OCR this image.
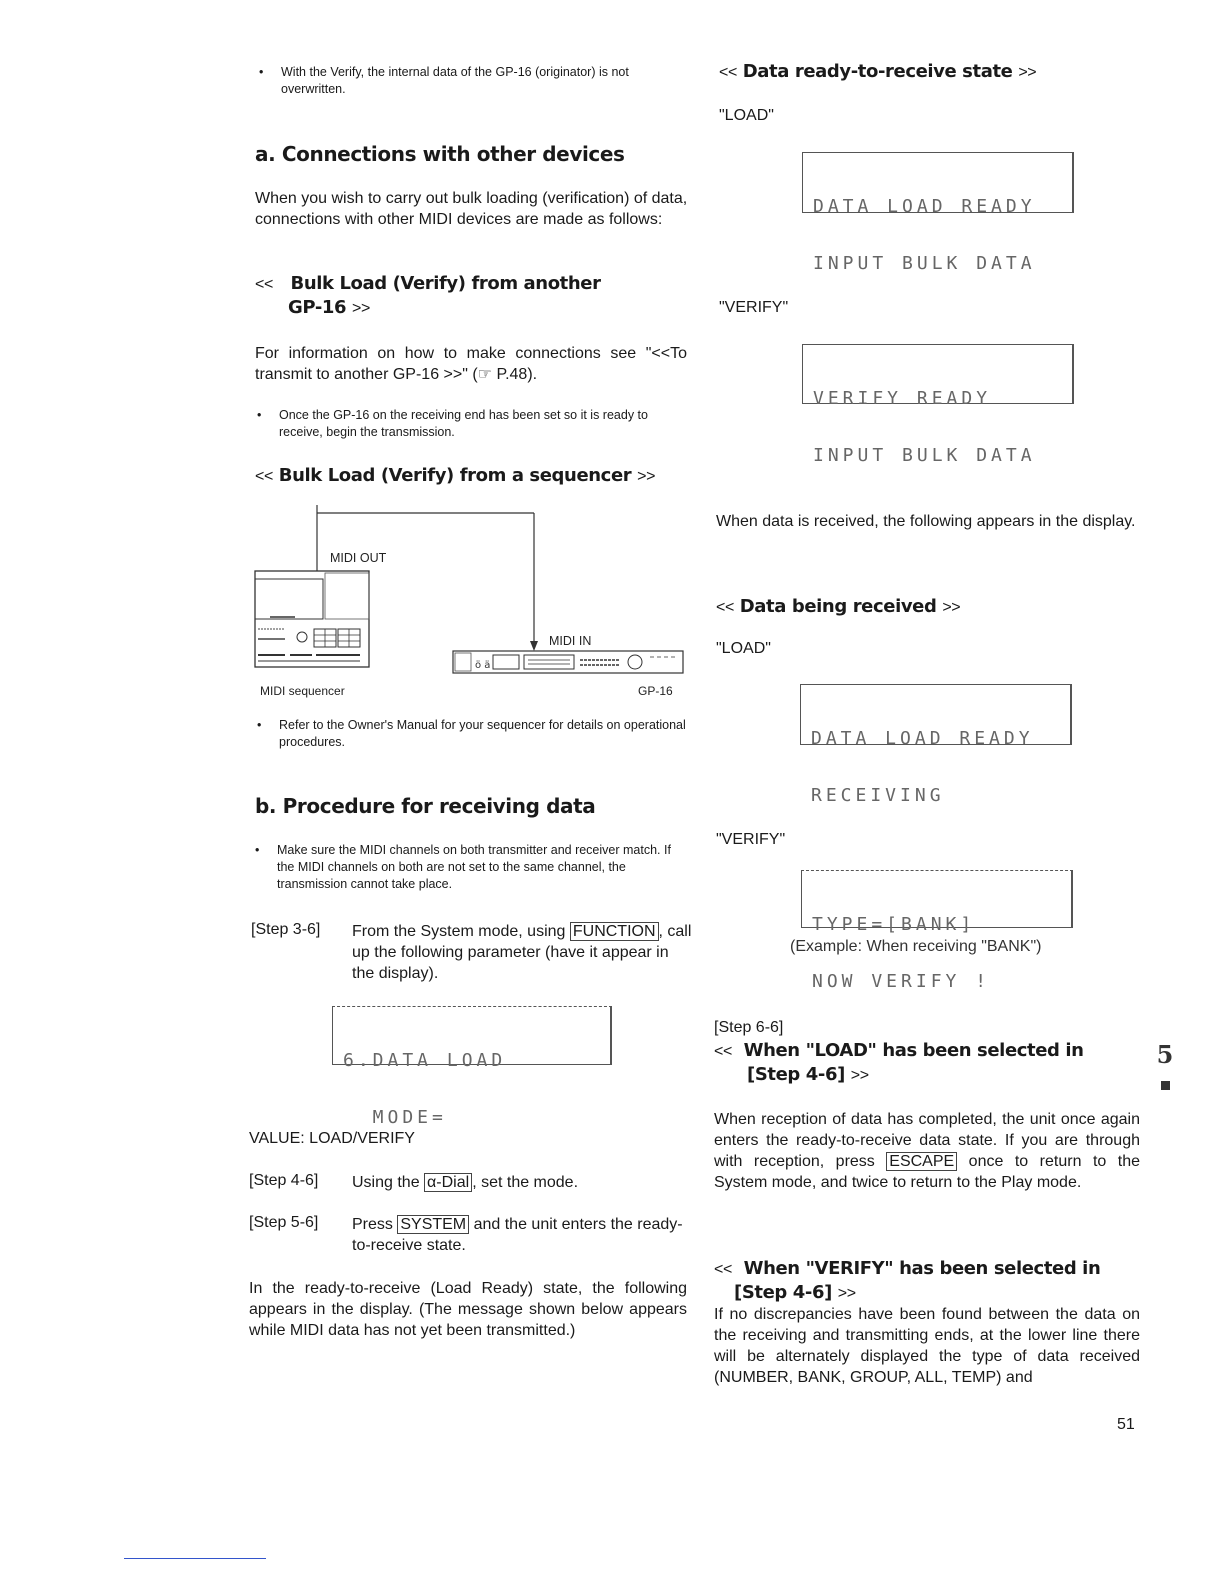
• With the Verify, the internal data of the GP-16 (originator) is not overwritten.
a. Connections with other devices
When you wish to carry out bulk loading (verification) of data, connections with other MIDI devices are made as follows:
<< Bulk Load (Verify) from another
GP-16 >>
For information on how to make connections see "<<To transmit to another GP-16 >>" (☞ P.48).
• Once the GP-16 on the receiving end has been set so it is ready to receive, begin the transmission.
<< Bulk Load (Verify) from a sequencer >>
ö ä
MIDI OUT
MIDI IN
MIDI sequencer	GP-16
• Refer to the Owner's Manual for your sequencer for details on operational procedures.
b. Procedure for receiving data
• Make sure the MIDI channels on both transmitter and receiver match. If the MIDI channels on both are not set to the same channel, the transmission cannot take place.
[Step 3-6] From the System mode, using FUNCTION , call up the following parameter (have it appear in the display).

6.DATA LOAD

MODE=

VALUE: LOAD/VERIFY
[Step 4-6] Using the α-Dial , set the mode.
[Step 5-6] Press SYSTEM and the unit enters the ready-to-receive state.
In the ready-to-receive (Load Ready) state, the following appears in the display. (The message shown below appears while MIDI data has not yet been transmitted.)
<< Data ready-to-receive state >>
"LOAD"

DATA LOAD READY

INPUT BULK DATA

"VERIFY"

VERIFY READY

INPUT BULK DATA

When data is received, the following appears in the display.
<< Data being received >>
"LOAD"

DATA LOAD READY

RECEIVING

"VERIFY"

TYPE=[BANK]

NOW VERIFY !

(Example: When receiving "BANK")
[Step 6-6]
<< When "LOAD" has been selected in
[Step 4-6] >>
When reception of data has completed, the unit once again enters the ready-to-receive data state. If you are through with reception, press ESCAPE once to return to the System mode, and twice to return to the Play mode.
<< When "VERIFY" has been selected in
[Step 4-6] >>
If no discrepancies have been found between the data on the receiving and transmitting ends, at the lower line there will be alternately displayed the type of data received (NUMBER, BANK, GROUP, ALL, TEMP) and
5
51
